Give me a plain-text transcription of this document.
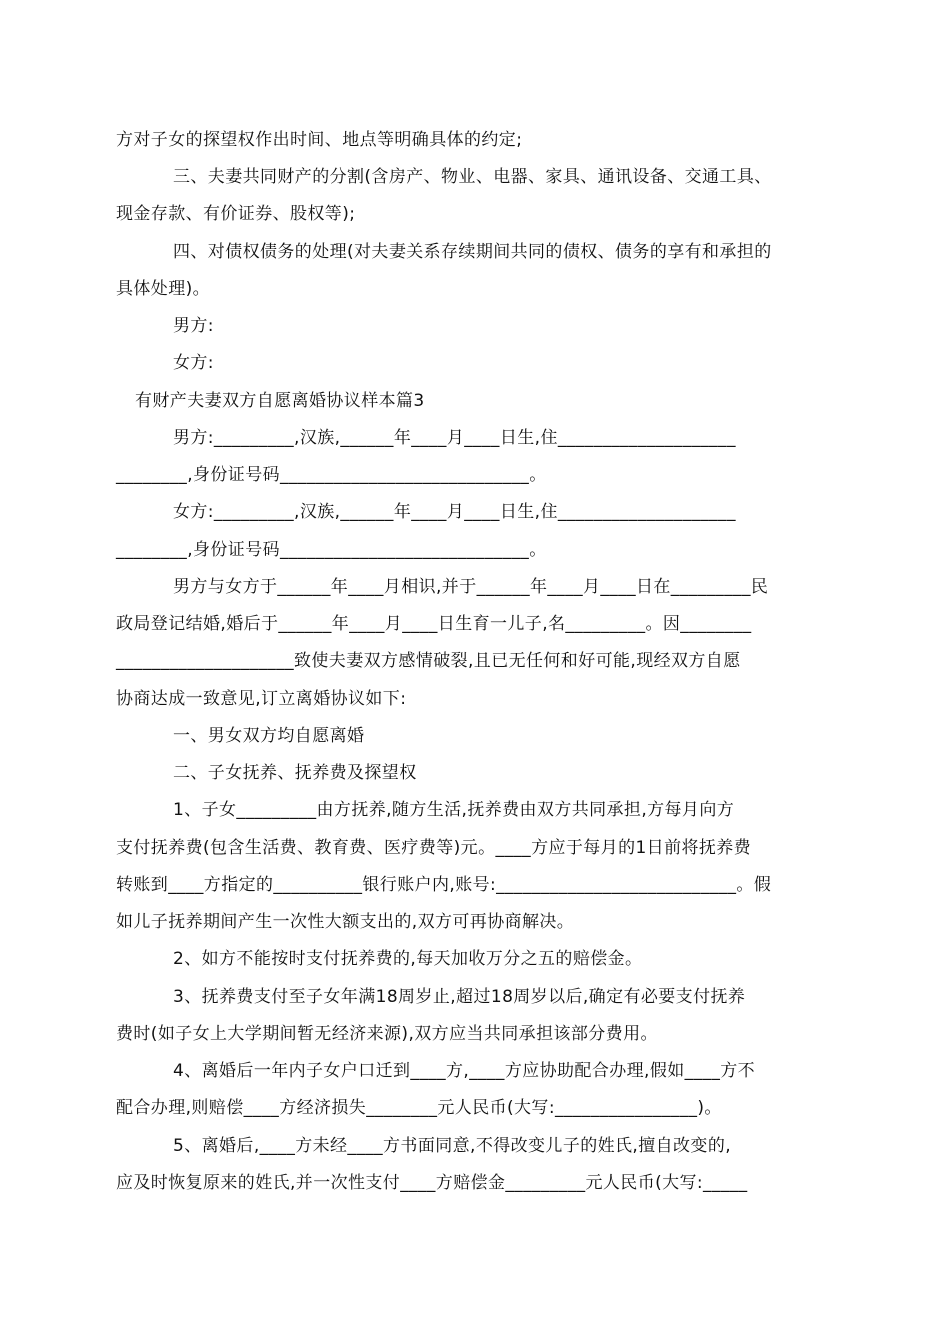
方对子女的探望权作出时间、地点等明确具体的约定;
三、夫妻共同财产的分割(含房产、物业、电器、家具、通讯设备、交通工具、
现金存款、有价证券、股权等);
四、对债权债务的处理(对夫妻关系存续期间共同的债权、债务的享有和承担的
具体处理)。
男方:
女方:
有财产夫妻双方自愿离婚协议样本篇3
男方:_________,汉族,______年____月____日生,住____________________
________,身份证号码____________________________。
女方:_________,汉族,______年____月____日生,住____________________
________,身份证号码____________________________。
男方与女方于______年____月相识,并于______年____月____日在_________民
政局登记结婚,婚后于______年____月____日生育一儿子,名_________。因________
____________________致使夫妻双方感情破裂,且已无任何和好可能,现经双方自愿
协商达成一致意见,订立离婚协议如下:
一、男女双方均自愿离婚
二、子女抚养、抚养费及探望权
1、子女_________由方抚养,随方生活,抚养费由双方共同承担,方每月向方
支付抚养费(包含生活费、教育费、医疗费等)元。____方应于每月的1日前将抚养费
转账到____方指定的__________银行账户内,账号:___________________________。假
如儿子抚养期间产生一次性大额支出的,双方可再协商解决。
2、如方不能按时支付抚养费的,每天加收万分之五的赔偿金。
3、抚养费支付至子女年满18周岁止,超过18周岁以后,确定有必要支付抚养
费时(如子女上大学期间暂无经济来源),双方应当共同承担该部分费用。
4、离婚后一年内子女户口迁到____方,____方应协助配合办理,假如____方不
配合办理,则赔偿____方经济损失________元人民币(大写:________________)。
5、离婚后,____方未经____方书面同意,不得改变儿子的姓氏,擅自改变的,
应及时恢复原来的姓氏,并一次性支付____方赔偿金_________元人民币(大写:_____
